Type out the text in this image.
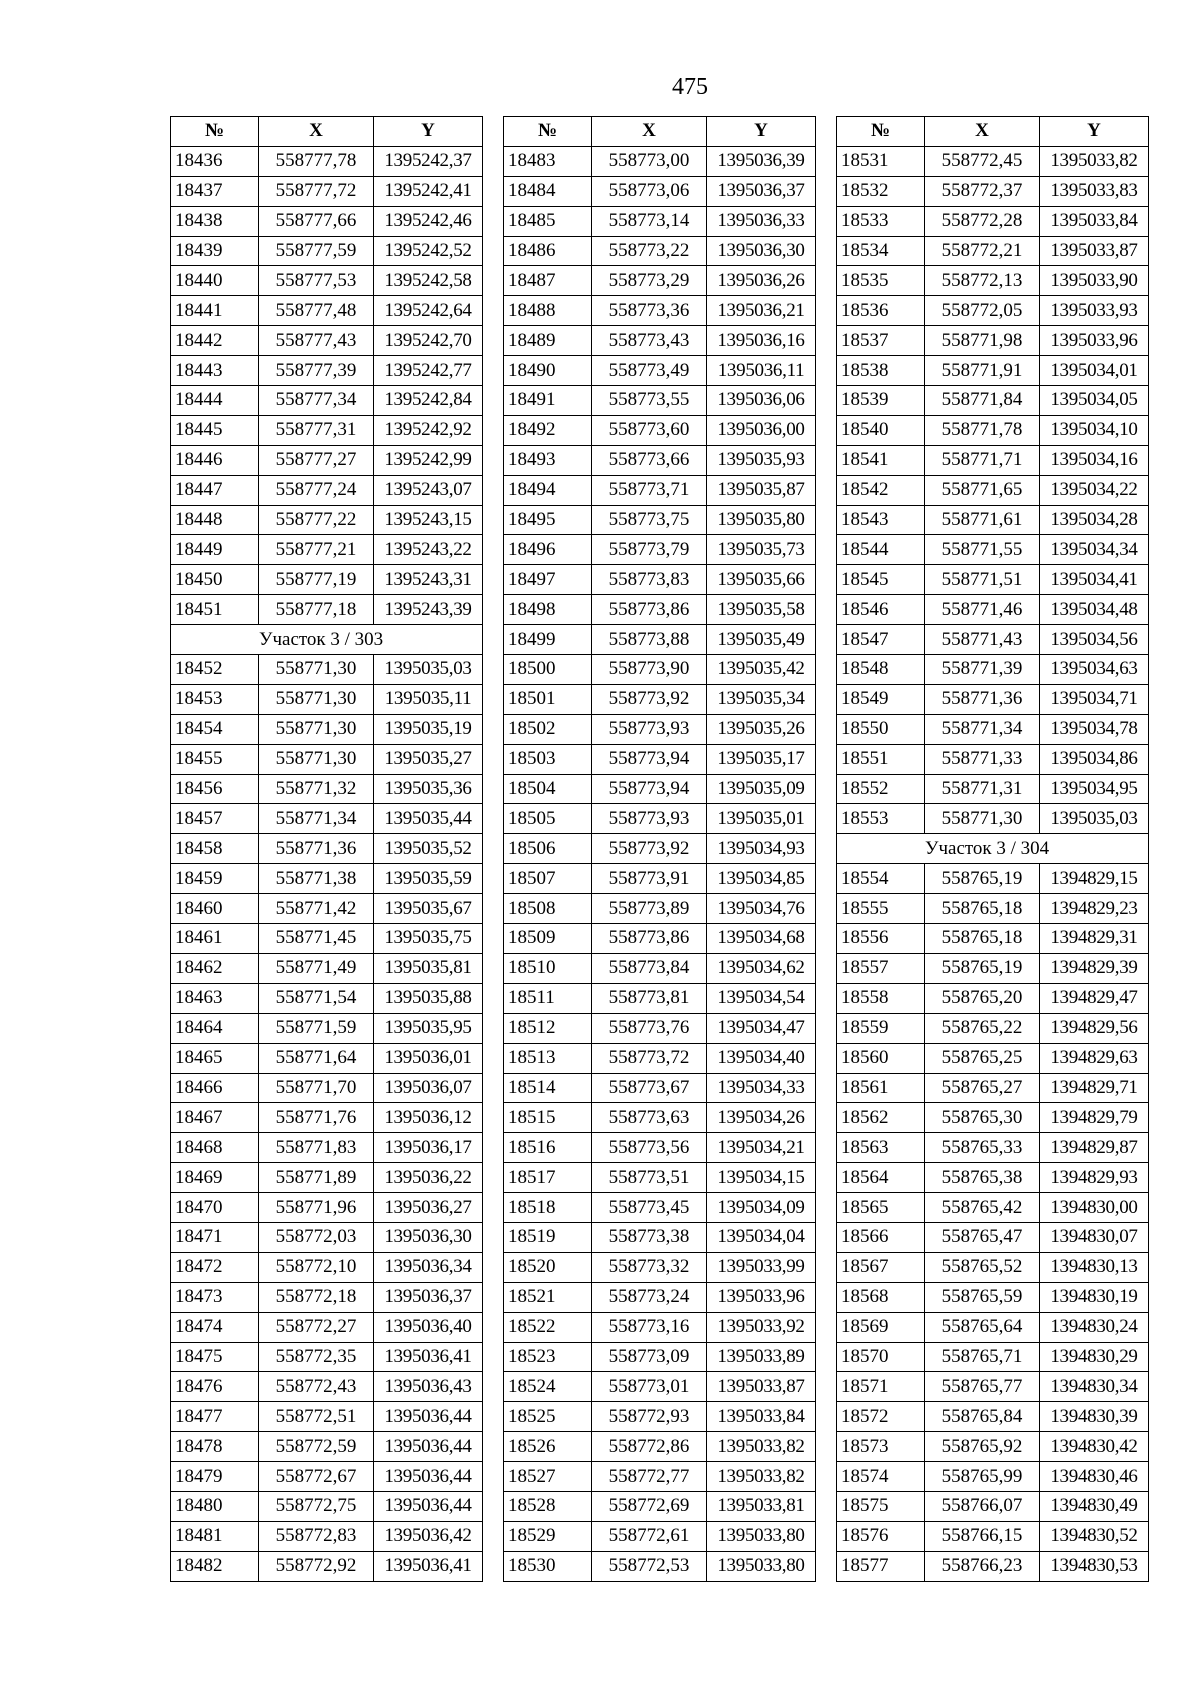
475
№	X	Y
18436	558777,78	1395242,37
18437	558777,72	1395242,41
18438	558777,66	1395242,46
18439	558777,59	1395242,52
18440	558777,53	1395242,58
18441	558777,48	1395242,64
18442	558777,43	1395242,70
18443	558777,39	1395242,77
18444	558777,34	1395242,84
18445	558777,31	1395242,92
18446	558777,27	1395242,99
18447	558777,24	1395243,07
18448	558777,22	1395243,15
18449	558777,21	1395243,22
18450	558777,19	1395243,31
18451	558777,18	1395243,39
Участок 3 / 303		
18452	558771,30	1395035,03
18453	558771,30	1395035,11
18454	558771,30	1395035,19
18455	558771,30	1395035,27
18456	558771,32	1395035,36
18457	558771,34	1395035,44
18458	558771,36	1395035,52
18459	558771,38	1395035,59
18460	558771,42	1395035,67
18461	558771,45	1395035,75
18462	558771,49	1395035,81
18463	558771,54	1395035,88
18464	558771,59	1395035,95
18465	558771,64	1395036,01
18466	558771,70	1395036,07
18467	558771,76	1395036,12
18468	558771,83	1395036,17
18469	558771,89	1395036,22
18470	558771,96	1395036,27
18471	558772,03	1395036,30
18472	558772,10	1395036,34
18473	558772,18	1395036,37
18474	558772,27	1395036,40
18475	558772,35	1395036,41
18476	558772,43	1395036,43
18477	558772,51	1395036,44
18478	558772,59	1395036,44
18479	558772,67	1395036,44
18480	558772,75	1395036,44
18481	558772,83	1395036,42
18482	558772,92	1395036,41
№	X	Y
18483	558773,00	1395036,39
18484	558773,06	1395036,37
18485	558773,14	1395036,33
18486	558773,22	1395036,30
18487	558773,29	1395036,26
18488	558773,36	1395036,21
18489	558773,43	1395036,16
18490	558773,49	1395036,11
18491	558773,55	1395036,06
18492	558773,60	1395036,00
18493	558773,66	1395035,93
18494	558773,71	1395035,87
18495	558773,75	1395035,80
18496	558773,79	1395035,73
18497	558773,83	1395035,66
18498	558773,86	1395035,58
18499	558773,88	1395035,49
18500	558773,90	1395035,42
18501	558773,92	1395035,34
18502	558773,93	1395035,26
18503	558773,94	1395035,17
18504	558773,94	1395035,09
18505	558773,93	1395035,01
18506	558773,92	1395034,93
18507	558773,91	1395034,85
18508	558773,89	1395034,76
18509	558773,86	1395034,68
18510	558773,84	1395034,62
18511	558773,81	1395034,54
18512	558773,76	1395034,47
18513	558773,72	1395034,40
18514	558773,67	1395034,33
18515	558773,63	1395034,26
18516	558773,56	1395034,21
18517	558773,51	1395034,15
18518	558773,45	1395034,09
18519	558773,38	1395034,04
18520	558773,32	1395033,99
18521	558773,24	1395033,96
18522	558773,16	1395033,92
18523	558773,09	1395033,89
18524	558773,01	1395033,87
18525	558772,93	1395033,84
18526	558772,86	1395033,82
18527	558772,77	1395033,82
18528	558772,69	1395033,81
18529	558772,61	1395033,80
18530	558772,53	1395033,80
№	X	Y
18531	558772,45	1395033,82
18532	558772,37	1395033,83
18533	558772,28	1395033,84
18534	558772,21	1395033,87
18535	558772,13	1395033,90
18536	558772,05	1395033,93
18537	558771,98	1395033,96
18538	558771,91	1395034,01
18539	558771,84	1395034,05
18540	558771,78	1395034,10
18541	558771,71	1395034,16
18542	558771,65	1395034,22
18543	558771,61	1395034,28
18544	558771,55	1395034,34
18545	558771,51	1395034,41
18546	558771,46	1395034,48
18547	558771,43	1395034,56
18548	558771,39	1395034,63
18549	558771,36	1395034,71
18550	558771,34	1395034,78
18551	558771,33	1395034,86
18552	558771,31	1395034,95
18553	558771,30	1395035,03
Участок 3 / 304		
18554	558765,19	1394829,15
18555	558765,18	1394829,23
18556	558765,18	1394829,31
18557	558765,19	1394829,39
18558	558765,20	1394829,47
18559	558765,22	1394829,56
18560	558765,25	1394829,63
18561	558765,27	1394829,71
18562	558765,30	1394829,79
18563	558765,33	1394829,87
18564	558765,38	1394829,93
18565	558765,42	1394830,00
18566	558765,47	1394830,07
18567	558765,52	1394830,13
18568	558765,59	1394830,19
18569	558765,64	1394830,24
18570	558765,71	1394830,29
18571	558765,77	1394830,34
18572	558765,84	1394830,39
18573	558765,92	1394830,42
18574	558765,99	1394830,46
18575	558766,07	1394830,49
18576	558766,15	1394830,52
18577	558766,23	1394830,53
